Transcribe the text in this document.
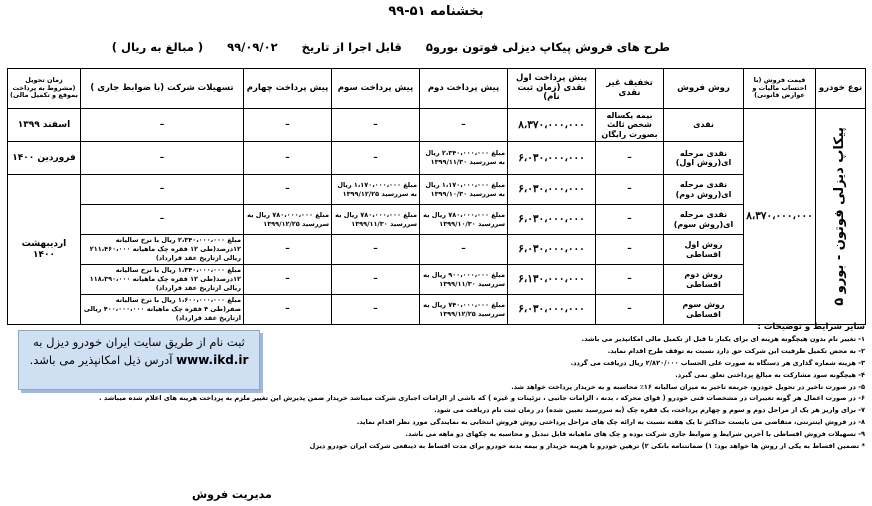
بخشنامه ۵۱-۹۹
طرح های فروش پیکاپ دیزلی فوتون بورو۵ قابل اجرا از تاریخ ۹۹/۰۹/۰۲ ( مبالغ به ریال )
نوع خودرو	قیمت فروش (با احتساب مالیات و عوارض قانونی)	روش فروش	تخفیف غیر نقدی	پیش پرداخت اول نقدی (زمان ثبت نام)	پیش پرداخت دوم	پیش پرداخت سوم	پیش پرداخت چهارم	تسهیلات شرکت (با ضوابط جاری )	زمان تحویل (مشروط به پرداخت بموقع و تکمیل مالی)

پیکاپ دیزلی فوتون - بورو ۵	۸،۳۷۰،۰۰۰،۰۰۰	نقدی	بیمه یکساله شخص ثالث بصورت رایگان	۸،۳۷۰،۰۰۰،۰۰۰	–	–	–	–	اسفند ۱۳۹۹
		نقدی مرحله ای(روش اول)	–	۶،۰۳۰،۰۰۰،۰۰۰	مبلغ ۲،۳۴۰،۰۰۰،۰۰۰ ریال به سررسید ۱۳۹۹/۱۱/۳۰	–	–	–	فروردین ۱۴۰۰
		نقدی مرحله ای(روش دوم)	–	۶،۰۳۰،۰۰۰،۰۰۰	مبلغ ۱،۱۷۰،۰۰۰،۰۰۰ ریال به سررسید ۱۳۹۹/۱۰/۳۰	مبلغ ۱،۱۷۰،۰۰۰،۰۰۰ ریال به سررسید ۱۳۹۹/۱۲/۲۵	–	–	اردیبهشت ۱۴۰۰
		نقدی مرحله ای(روش سوم)	–	۶،۰۳۰،۰۰۰،۰۰۰	مبلغ ۷۸۰،۰۰۰،۰۰۰ ریال به سررسید ۱۳۹۹/۱۰/۳۰	مبلغ ۷۸۰،۰۰۰،۰۰۰ ریال به سررسید ۱۳۹۹/۱۱/۳۰	مبلغ ۷۸۰،۰۰۰،۰۰۰ ریال به سررسید ۱۳۹۹/۱۲/۲۵	–	
		روش اول اقساطی	–	۶،۰۳۰،۰۰۰،۰۰۰	–	–	–	مبلغ ۲،۳۴۰،۰۰۰،۰۰۰ ریال با نرخ سالیانه ۱۲درصد(طی ۱۲ فقره چک ماهیانه ۲۱۱،۴۶۰،۰۰۰ ریالی ازتاریخ عقد قرارداد)	
		روش دوم اقساطی	–	۶،۱۳۰،۰۰۰،۰۰۰	مبلغ ۹۰۰،۰۰۰،۰۰۰ ریال به سررسید ۱۳۹۹/۱۱/۳۰	–	–	مبلغ ۱،۳۴۰،۰۰۰،۰۰۰ ریال با نرخ سالیانه ۱۲درصد(طی ۱۲ فقره چک ماهیانه ۱۱۸،۳۹۰،۰۰۰ ریالی ازتاریخ عقد قرارداد)	
		روش سوم اقساطی	–	۶،۰۳۰،۰۰۰،۰۰۰	مبلغ ۷۴۰،۰۰۰،۰۰۰ ریال به سررسید ۱۳۹۹/۱۲/۲۵	–	–	مبلغ ۱،۶۰۰،۰۰۰،۰۰۰ ریال با نرخ سالیانه صفر(طی ۴ فقره چک ماهیانه ۴۰۰،۰۰۰،۰۰۰ ریالی ازتاریخ عقد قرارداد)	
سایر شرایط و توضیحات :
۱- تغییر نام بدون هیچگونه هزینه ای برای یکبار تا قبل از تکمیل مالی امکانپذیر می باشد.
۲- به محض تکمیل ظرفیت این شرکت حق دارد نسبت به توقف طرح اقدام نماید.
۳- هزینه شماره گذاری هر دستگاه به صورت علی الحساب ۲/۸۲۰/۰۰۰ ریال دریافت می گردد.
۴- هیچگونه سود مشارکت به مبالغ پرداختی تعلق نمی گیرد.
۵- در صورت تاخیر در تحویل خودرو، جریمه تاخیر به میزان سالیانه ۱۶٪ محاسبه و به خریدار پرداخت خواهد شد.
۶- در صورت اعمال هر گونه تغییرات در مشخصات فنی خودرو ( قوای محرکه ، بدنه ، الزامات جانبی ، تزئینات و غیره ) که ناشی از الزامات اجباری شرکت میباشد خریدار ضمن پذیرش این تغییر ملزم به پرداخت هزینه های اعلام شده میباشد .
۷- برای واریز هر یک از مراحل دوم و سوم و چهارم پرداخت، یک فقره چک (به سررسید تعیین شده) در زمان ثبت نام دریافت می شود.
۸- در فروش اینترنتی، متقاضی می بایست حداکثر تا یک هفته نسبت به ارائه چک های مراحل پرداختی روش فروش انتخابی به نمایندگی مورد نظر اقدام نماید.
۹- تسهیلات فروش اقساطی با آخرین شرایط و ضوابط جاری شرکت بوده و چک های ماهیانه قابل تبدیل و محاسبه به چکهای دو ماهه می باشد.
* تضمین اقساط به یکی از روش ها خواهد بود: ۱) ضمانتنامه بانکی ۲) ترهین خودرو با هزینه خریدار و بیمه بدنه خودرو برای مدت اقساط به ذینفعی شرکت ایران خودرو دیزل
ثبت نام از طریق سایت ایران خودرو دیزل به
www.ikd.ir آدرس ذیل امکانپذیر می باشد.
مدیریت فروش
